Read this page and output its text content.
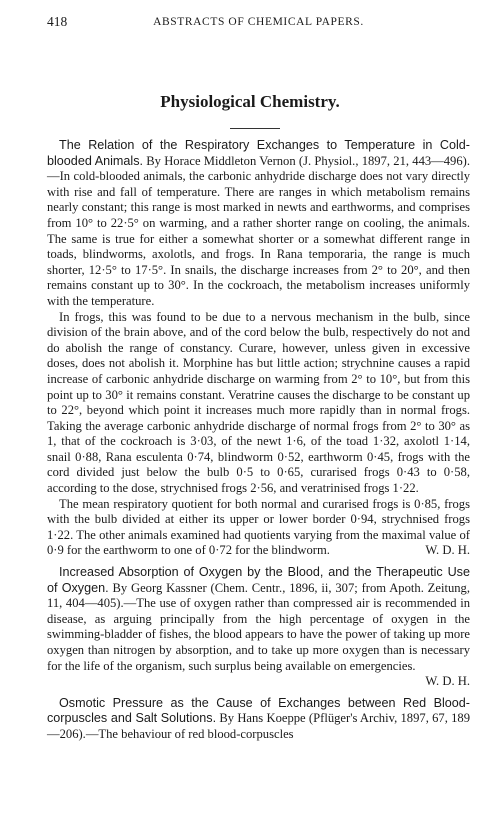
418	ABSTRACTS OF CHEMICAL PAPERS.
Physiological Chemistry.

The Relation of the Respiratory Exchanges to Temperature in Cold-blooded Animals. By Horace Middleton Vernon (J. Physiol., 1897, 21, 443—496).—In cold-blooded animals, the carbonic anhydride discharge does not vary directly with rise and fall of temperature. There are ranges in which metabolism remains nearly constant; this range is most marked in newts and earthworms, and comprises from 10° to 22·5° on warming, and a rather shorter range on cooling, the animals. The same is true for either a somewhat shorter or a somewhat different range in toads, blindworms, axolotls, and frogs. In Rana temporaria, the range is much shorter, 12·5° to 17·5°. In snails, the discharge increases from 2° to 20°, and then remains constant up to 30°. In the cockroach, the metabolism increases uniformly with the temperature.

In frogs, this was found to be due to a nervous mechanism in the bulb, since division of the brain above, and of the cord below the bulb, respectively do not and do abolish the range of constancy. Curare, however, unless given in excessive doses, does not abolish it. Morphine has but little action; strychnine causes a rapid increase of carbonic anhydride discharge on warming from 2° to 10°, but from this point up to 30° it remains constant. Veratrine causes the discharge to be constant up to 22°, beyond which point it increases much more rapidly than in normal frogs. Taking the average carbonic anhydride discharge of normal frogs from 2° to 30° as 1, that of the cockroach is 3·03, of the newt 1·6, of the toad 1·32, axolotl 1·14, snail 0·88, Rana esculenta 0·74, blindworm 0·52, earthworm 0·45, frogs with the cord divided just below the bulb 0·5 to 0·65, curarised frogs 0·43 to 0·58, according to the dose, strychnised frogs 2·56, and veratrinised frogs 1·22.

The mean respiratory quotient for both normal and curarised frogs is 0·85, frogs with the bulb divided at either its upper or lower border 0·94, strychnised frogs 1·22. The other animals examined had quotients varying from the maximal value of 0·9 for the earthworm to one of 0·72 for the blindworm.	W. D. H.

Increased Absorption of Oxygen by the Blood, and the Therapeutic Use of Oxygen. By Georg Kassner (Chem. Centr., 1896, ii, 307; from Apoth. Zeitung, 11, 404—405).—The use of oxygen rather than compressed air is recommended in disease, as arguing principally from the high percentage of oxygen in the swimming-bladder of fishes, the blood appears to have the power of taking up more oxygen than nitrogen by absorption, and to take up more oxygen than is necessary for the life of the organism, such surplus being available on emergencies.
W. D. H.

Osmotic Pressure as the Cause of Exchanges between Red Blood-corpuscles and Salt Solutions. By Hans Koeppe (Pflüger's Archiv, 1897, 67, 189—206).—The behaviour of red blood-corpuscles
